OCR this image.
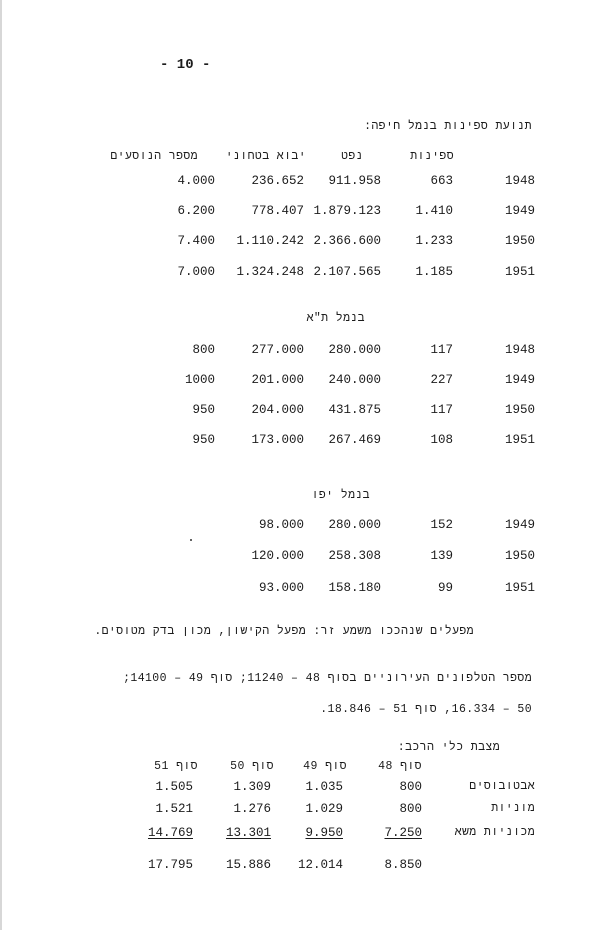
- 10 -
תנועת ספינות בנמל חיפה:
ספינות
נפט
יבוא בטחוני
מספר הנוסעים
בנמל ת"א
בנמל יפו
מפעלים שנהככו משמע זר: מפעל הקישון, מכון בדק מטוסים.
מספר הטלפונים העירוניים בסוף 48 – 11240; סוף 49 – 14100;
50 – 16.334, סוף 51 – 18.846.
מצבת כלי הרכב:
סוף 48
סוף 49
סוף 50
סוף 51
1948
663
911.958
236.652
4.000
1949
1.410
1.879.123
778.407
6.200
1950
1.233
2.366.600
1.110.242
7.400
1951
1.185
2.107.565
1.324.248
7.000
1948
117
280.000
277.000
800
1949
227
240.000
201.000
1000
1950
117
431.875
204.000
950
1951
108
267.469
173.000
950
1949
152
280.000
98.000
1950
139
258.308
120.000
1951
99
158.180
93.000
אבטובוסים
800
1.035
1.309
1.505
מוניות
800
1.029
1.276
1.521
מכוניות משא
7.250
9.950
13.301
14.769
8.850
12.014
15.886
17.795
